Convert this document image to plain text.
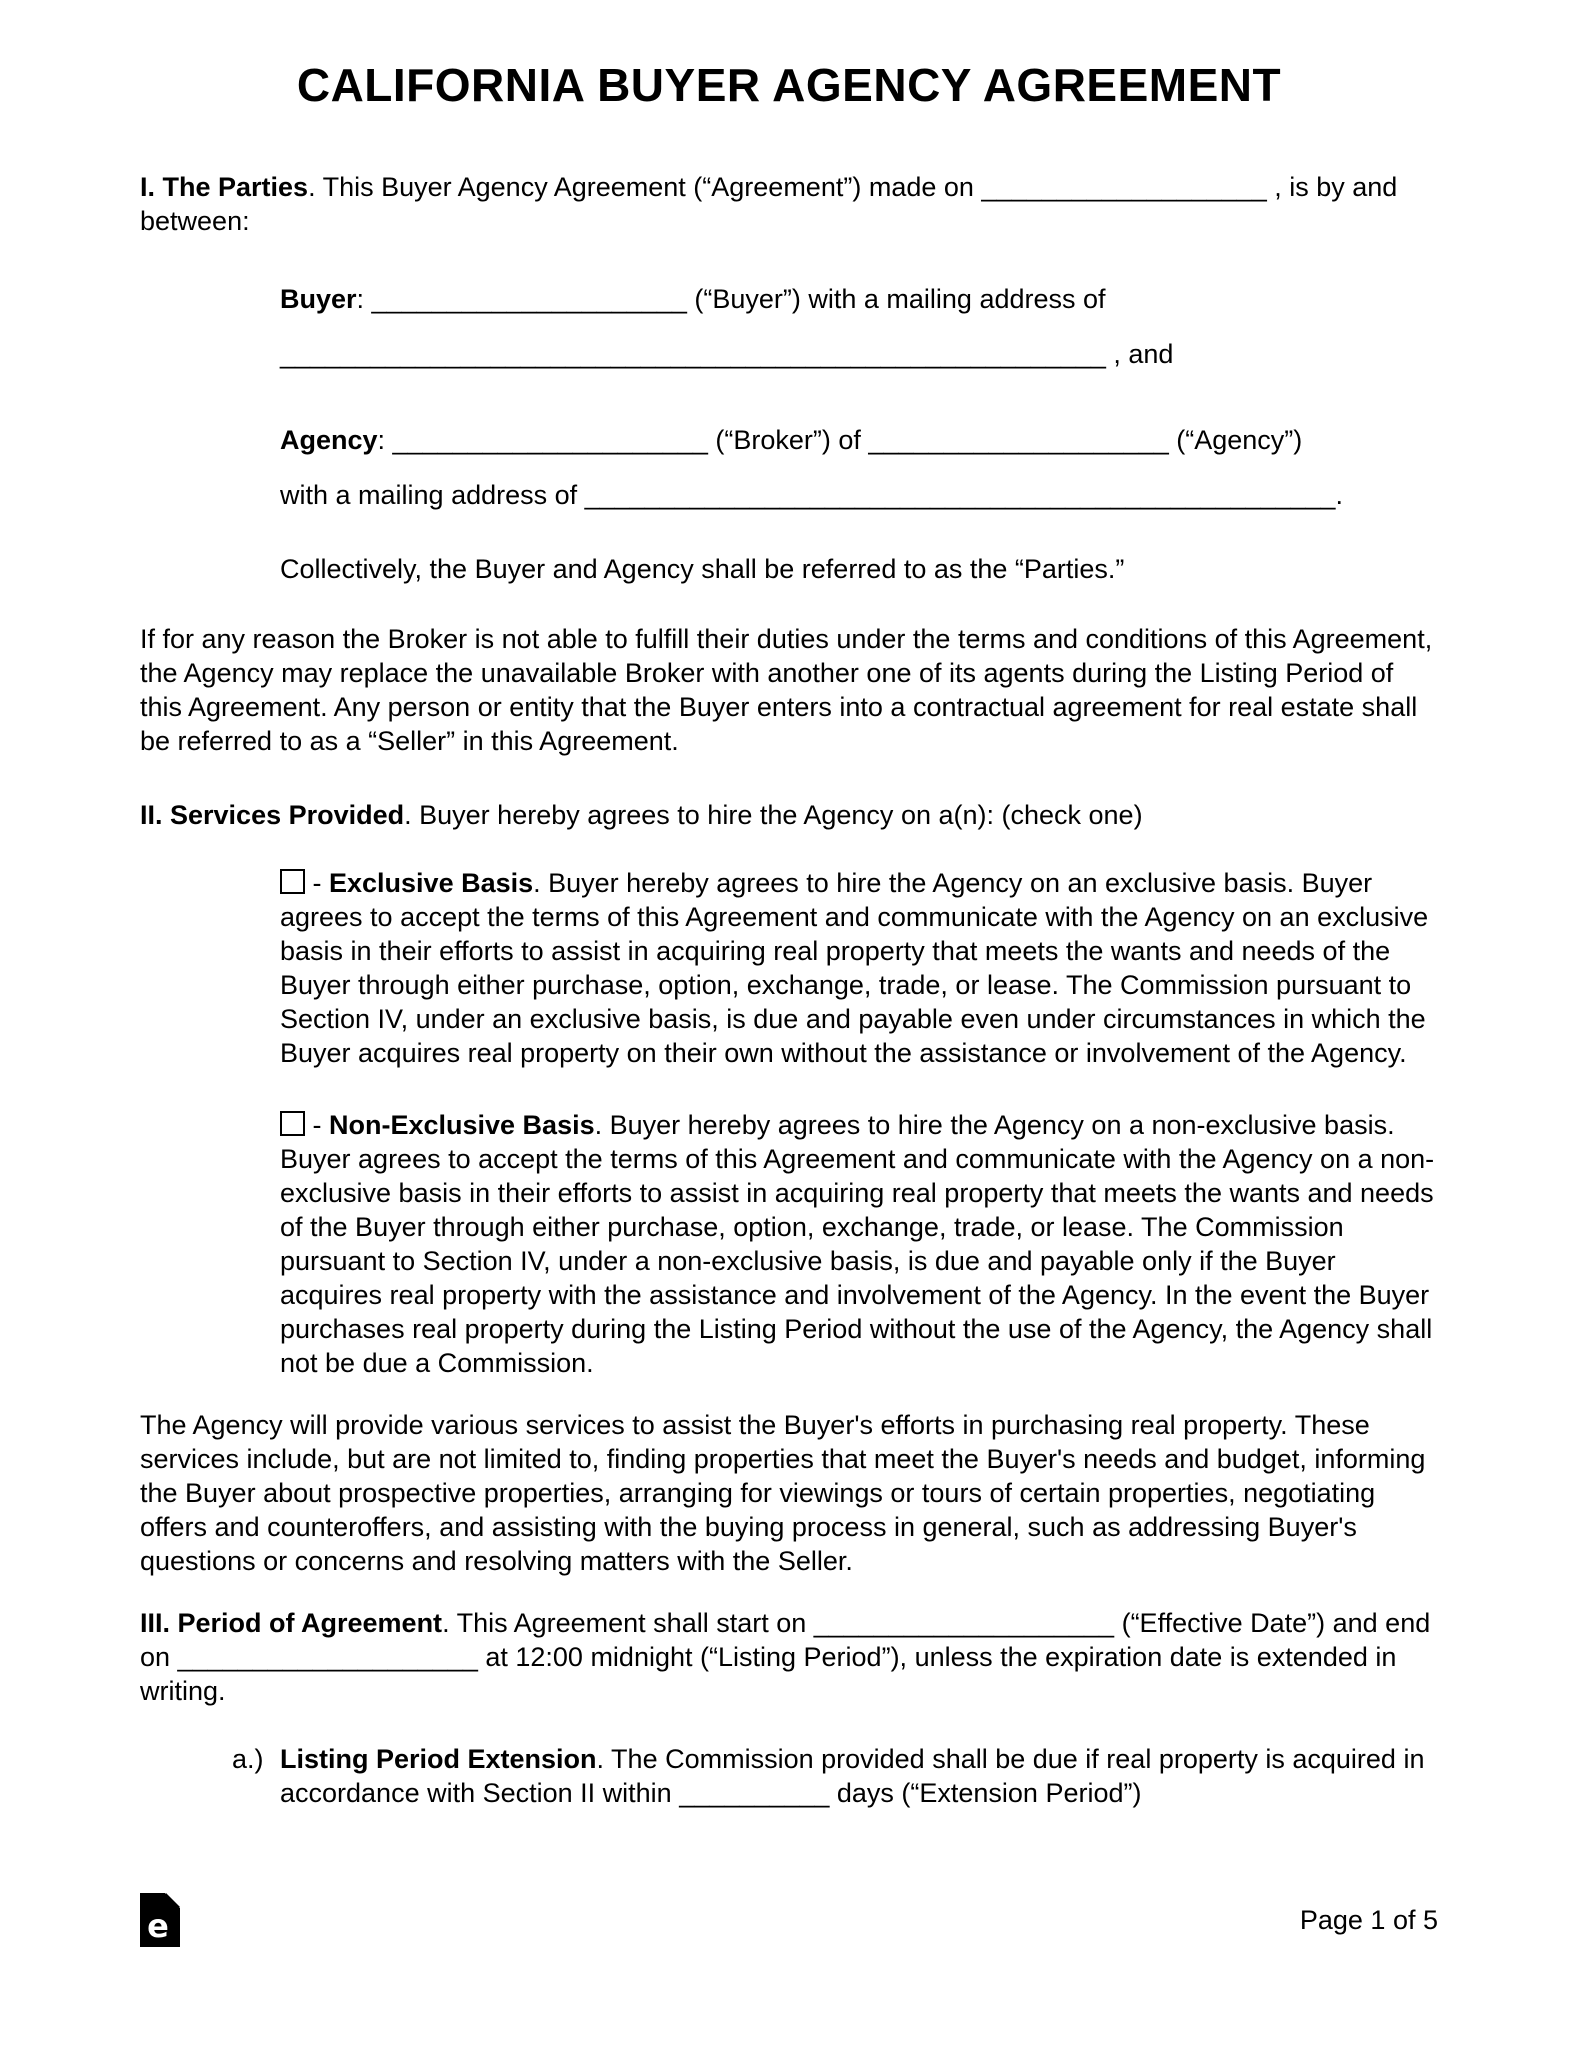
CALIFORNIA BUYER AGENCY AGREEMENT

I. The Parties. This Buyer Agency Agreement (“Agreement”) made on ___________________ , is by and between:

Buyer: _____________________ (“Buyer”) with a mailing address of
_______________________________________________________ , and
Agency: _____________________ (“Broker”) of ____________________ (“Agency”)
with a mailing address of __________________________________________________.

Collectively, the Buyer and Agency shall be referred to as the “Parties.”

If for any reason the Broker is not able to fulfill their duties under the terms and conditions of this Agreement, the Agency may replace the unavailable Broker with another one of its agents during the Listing Period of this Agreement. Any person or entity that the Buyer enters into a contractual agreement for real estate shall be referred to as a “Seller” in this Agreement.

II. Services Provided. Buyer hereby agrees to hire the Agency on a(n): (check one)

- Exclusive Basis. Buyer hereby agrees to hire the Agency on an exclusive basis. Buyer agrees to accept the terms of this Agreement and communicate with the Agency on an exclusive basis in their efforts to assist in acquiring real property that meets the wants and needs of the Buyer through either purchase, option, exchange, trade, or lease. The Commission pursuant to Section IV, under an exclusive basis, is due and payable even under circumstances in which the Buyer acquires real property on their own without the assistance or involvement of the Agency.
- Non-Exclusive Basis. Buyer hereby agrees to hire the Agency on a non-exclusive basis. Buyer agrees to accept the terms of this Agreement and communicate with the Agency on a non-exclusive basis in their efforts to assist in acquiring real property that meets the wants and needs of the Buyer through either purchase, option, exchange, trade, or lease. The Commission pursuant to Section IV, under a non-exclusive basis, is due and payable only if the Buyer acquires real property with the assistance and involvement of the Agency. In the event the Buyer purchases real property during the Listing Period without the use of the Agency, the Agency shall not be due a Commission.

The Agency will provide various services to assist the Buyer's efforts in purchasing real property. These services include, but are not limited to, finding properties that meet the Buyer's needs and budget, informing the Buyer about prospective properties, arranging for viewings or tours of certain properties, negotiating offers and counteroffers, and assisting with the buying process in general, such as addressing Buyer's questions or concerns and resolving matters with the Seller.

III. Period of Agreement. This Agreement shall start on ____________________ (“Effective Date”) and end on ____________________ at 12:00 midnight (“Listing Period”), unless the expiration date is extended in writing.

a.) Listing Period Extension. The Commission provided shall be due if real property is acquired in accordance with Section II within __________ days (“Extension Period”)
e	Page 1 of 5
